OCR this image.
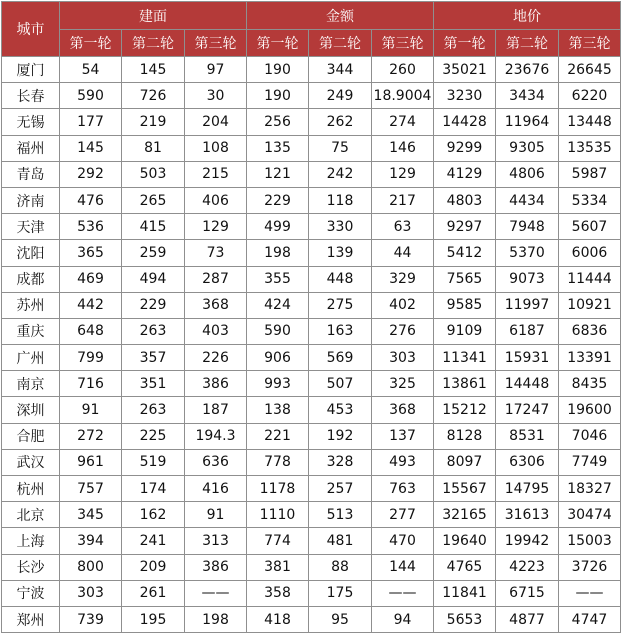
城市	建面			金额			地价		
	第一轮	第二轮	第三轮	第一轮	第二轮	第三轮	第一轮	第二轮	第三轮
厦门	54	145	97	190	344	260	35021	23676	26645
长春	590	726	30	190	249	18.9004	3230	3434	6220
无锡	177	219	204	256	262	274	14428	11964	13448
福州	145	81	108	135	75	146	9299	9305	13535
青岛	292	503	215	121	242	129	4129	4806	5987
济南	476	265	406	229	118	217	4803	4434	5334
天津	536	415	129	499	330	63	9297	7948	5607
沈阳	365	259	73	198	139	44	5412	5370	6006
成都	469	494	287	355	448	329	7565	9073	11444
苏州	442	229	368	424	275	402	9585	11997	10921
重庆	648	263	403	590	163	276	9109	6187	6836
广州	799	357	226	906	569	303	11341	15931	13391
南京	716	351	386	993	507	325	13861	14448	8435
深圳	91	263	187	138	453	368	15212	17247	19600
合肥	272	225	194.3	221	192	137	8128	8531	7046
武汉	961	519	636	778	328	493	8097	6306	7749
杭州	757	174	416	1178	257	763	15567	14795	18327
北京	345	162	91	1110	513	277	32165	31613	30474
上海	394	241	313	774	481	470	19640	19942	15003
长沙	800	209	386	381	88	144	4765	4223	3726
宁波	303	261	——	358	175	——	11841	6715	——
郑州	739	195	198	418	95	94	5653	4877	4747
